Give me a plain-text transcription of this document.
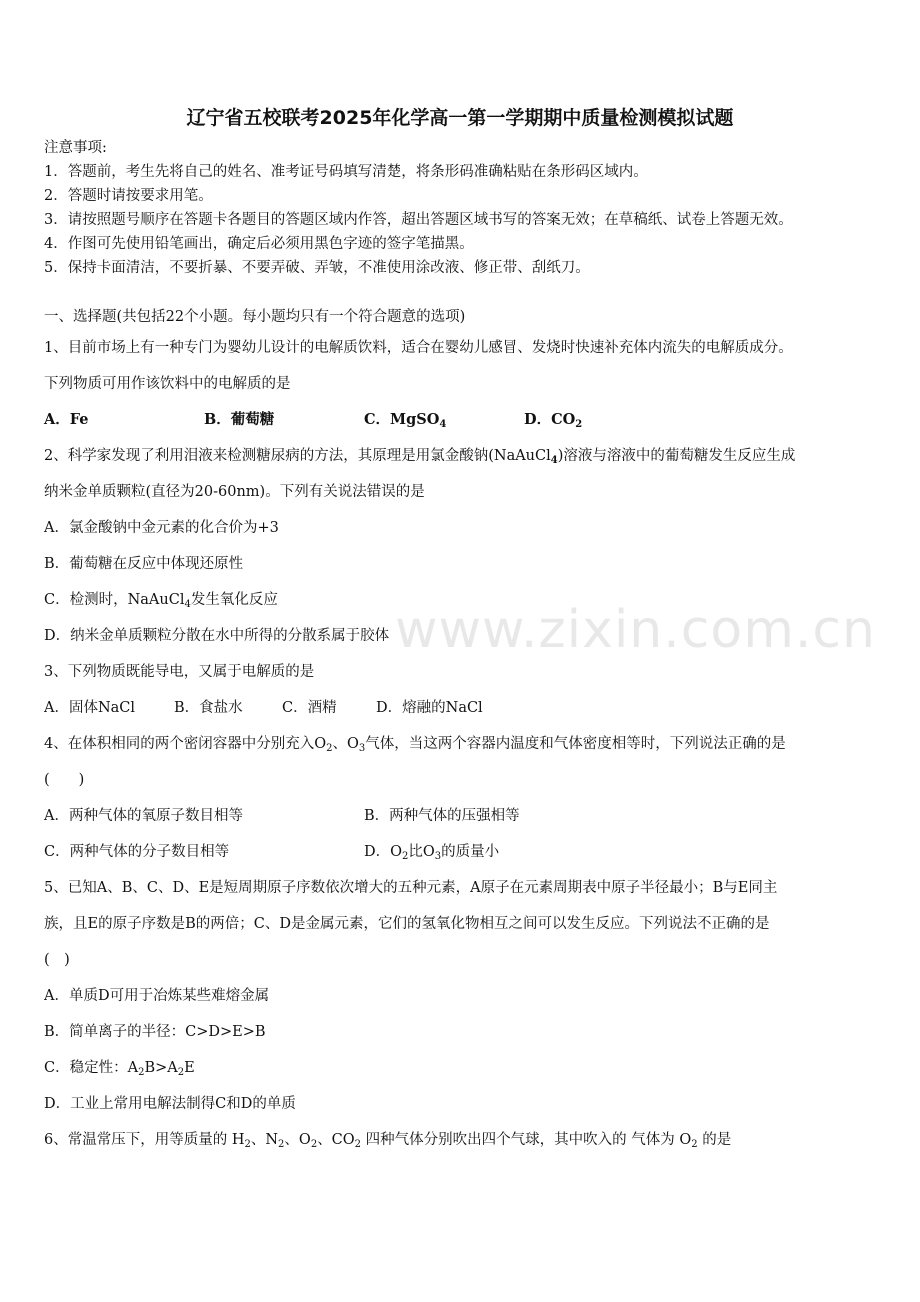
辽宁省五校联考2025年化学高一第一学期期中质量检测模拟试题
注意事项:
1．答题前，考生先将自己的姓名、准考证号码填写清楚，将条形码准确粘贴在条形码区域内。
2．答题时请按要求用笔。
3．请按照题号顺序在答题卡各题目的答题区域内作答，超出答题区域书写的答案无效；在草稿纸、试卷上答题无效。
4．作图可先使用铅笔画出，确定后必须用黑色字迹的签字笔描黑。
5．保持卡面清洁，不要折暴、不要弄破、弄皱，不准使用涂改液、修正带、刮纸刀。
一、选择题(共包括22个小题。每小题均只有一个符合题意的选项)
www.zixin.com.cn
1、目前市场上有一种专门为婴幼儿设计的电解质饮料，适合在婴幼儿感冒、发烧时快速补充体内流失的电解质成分。
下列物质可用作该饮料中的电解质的是
A．Fe	B．葡萄糖	C．MgSO$_4$	D．$CO_2$
2、科学家发现了利用泪液来检测糖尿病的方法，其原理是用氯金酸钠(NaAuCl$_4$)溶液与溶液中的葡萄糖发生反应生成
纳米金单质颗粒(直径为20-60nm)。下列有关说法错误的是
A．氯金酸钠中金元素的化合价为+3
B．葡萄糖在反应中体现还原性
C．检测时，NaAuCl$_4$发生氧化反应
D．纳米金单质颗粒分散在水中所得的分散系属于胶体
3、下列物质既能导电，又属于电解质的是
A．固体NaCl	B．食盐水	C．酒精	D．熔融的NaCl
4、在体积相同的两个密闭容器中分别充入$O_2$、$O_3$气体，当这两个容器内温度和气体密度相等时，下列说法正确的是
(　　)
A．两种气体的氧原子数目相等	B．两种气体的压强相等
C．两种气体的分子数目相等	D．$O_2$比$O_3$的质量小
5、已知A、B、C、D、E是短周期原子序数依次增大的五种元素，A原子在元素周期表中原子半径最小；B与E同主
族，且E的原子序数是B的两倍；C、D是金属元素，它们的氢氧化物相互之间可以发生反应。下列说法不正确的是
(　)
A．单质D可用于冶炼某些难熔金属
B．简单离子的半径：C>D>E>B
C．稳定性：$A_2B>A_2E$
D．工业上常用电解法制得C和D的单质
6、常温常压下，用等质量的 $H_2$、$N_2$、$O_2$、$CO_2$ 四种气体分别吹出四个气球，其中吹入的 气体为 $O_2$ 的是
